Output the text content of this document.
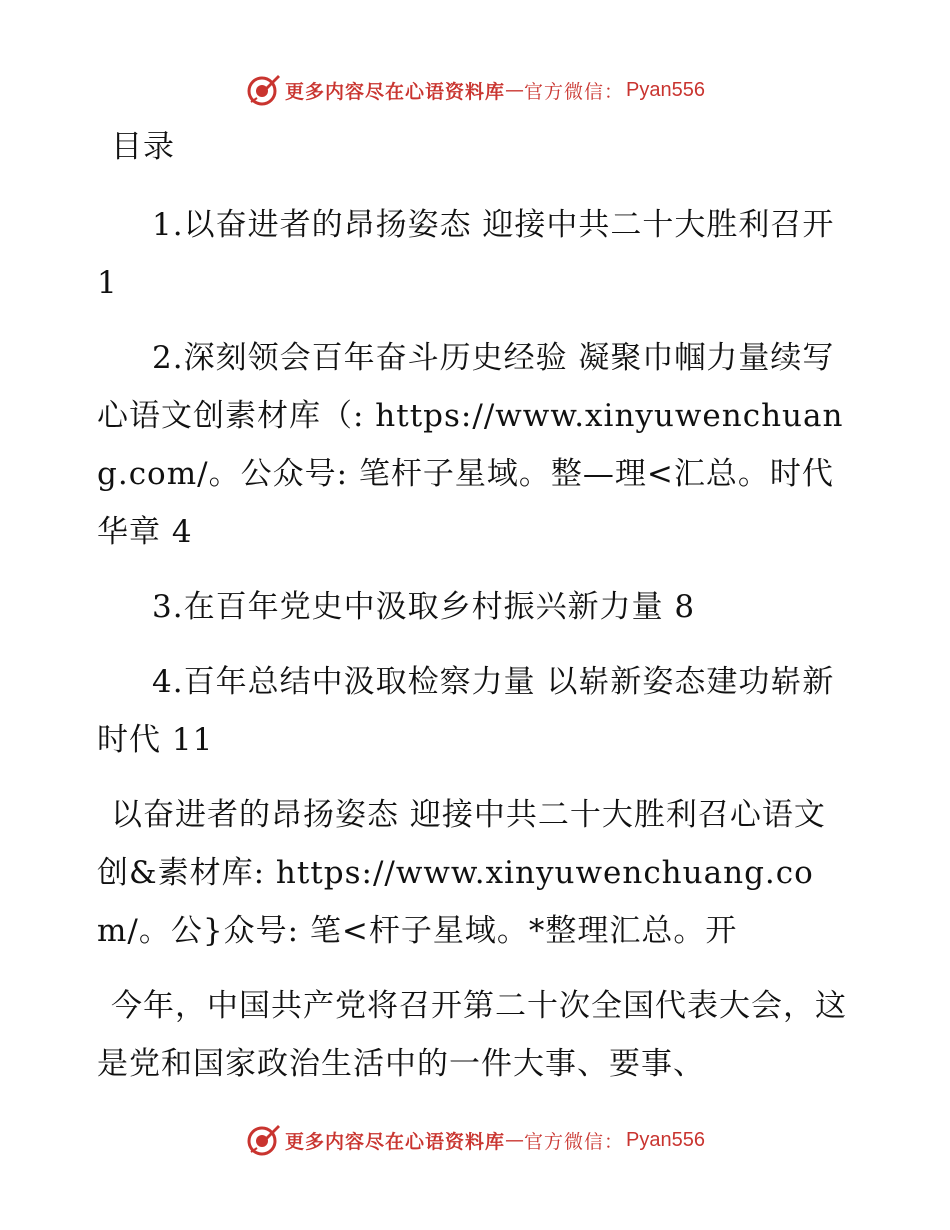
更多内容尽在心语资料库 — 官方微信： Pyan556

目录

1.以奋进者的昂扬姿态 迎接中共二十大胜利召开 1

2.深刻领会百年奋斗历史经验 凝聚巾帼力量续写心语文创素材库（: https://www.xinyuwenchuang.com/。公众号: 笔杆子星域。整—理<汇总。时代华章 4

3.在百年党史中汲取乡村振兴新力量 8

4.百年总结中汲取检察力量 以崭新姿态建功崭新时代 11

以奋进者的昂扬姿态 迎接中共二十大胜利召心语文创&素材库: https://www.xinyuwenchuang.com/。公}众号: 笔<杆子星域。*整理汇总。开

今年，中国共产党将召开第二十次全国代表大会，这是党和国家政治生活中的一件大事、要事、

更多内容尽在心语资料库 — 官方微信： Pyan556
